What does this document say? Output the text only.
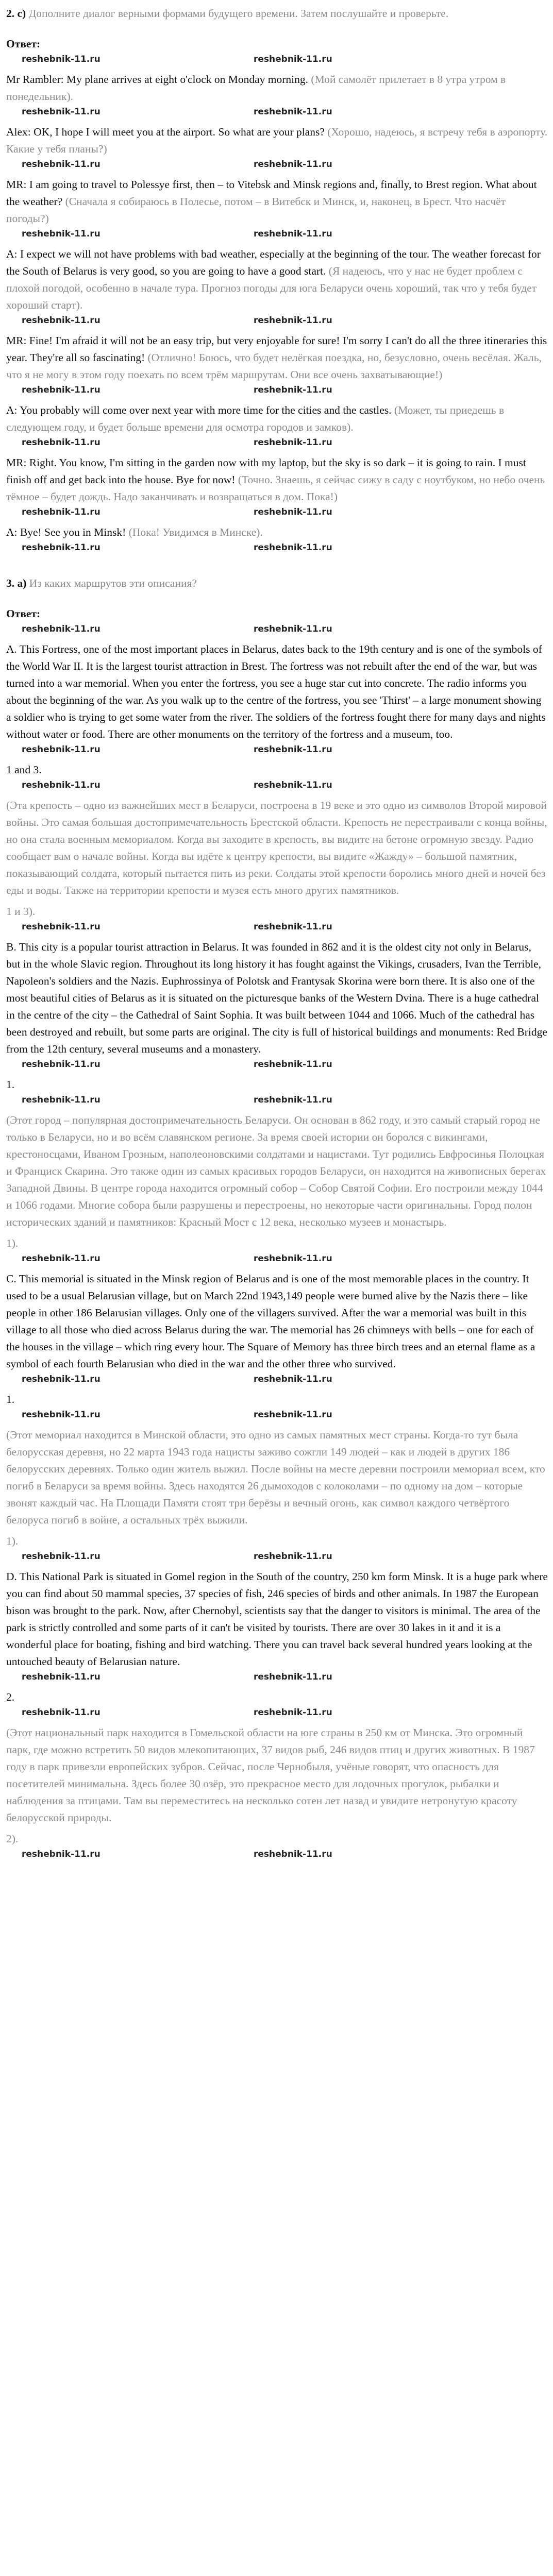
2. c) Дополните диалог верными формами будущего времени. Затем послушайте и проверьте.

Ответ:

reshebnik-11.ru	reshebnik-11.ru

Mr Rambler: My plane arrives at eight o'clock on Monday morning. (Мой самолёт прилетает в 8 утра утром в понедельник).

reshebnik-11.ru	reshebnik-11.ru

Alex: OK, I hope I will meet you at the airport. So what are your plans? (Хорошо, надеюсь, я встречу тебя в аэропорту. Какие у тебя планы?)

reshebnik-11.ru	reshebnik-11.ru

MR: I am going to travel to Polessye first, then – to Vitebsk and Minsk regions and, finally, to Brest region. What about the weather? (Сначала я собираюсь в Полесье, потом – в Витебск и Минск, и, наконец, в Брест. Что насчёт погоды?)

reshebnik-11.ru	reshebnik-11.ru

A: I expect we will not have problems with bad weather, especially at the beginning of the tour. The weather forecast for the South of Belarus is very good, so you are going to have a good start. (Я надеюсь, что у нас не будет проблем с плохой погодой, особенно в начале тура. Прогноз погоды для юга Беларуси очень хороший, так что у тебя будет хороший старт).

reshebnik-11.ru	reshebnik-11.ru

MR: Fine! I'm afraid it will not be an easy trip, but very enjoyable for sure! I'm sorry I can't do all the three itineraries this year. They're all so fascinating! (Отлично! Боюсь, что будет нелёгкая поездка, но, безусловно, очень весёлая. Жаль, что я не могу в этом году поехать по всем трём маршрутам. Они все очень захватывающие!)

reshebnik-11.ru	reshebnik-11.ru

A: You probably will come over next year with more time for the cities and the castles. (Может, ты приедешь в следующем году, и будет больше времени для осмотра городов и замков).

reshebnik-11.ru	reshebnik-11.ru

MR: Right. You know, I'm sitting in the garden now with my laptop, but the sky is so dark – it is going to rain. I must finish off and get back into the house. Bye for now! (Точно. Знаешь, я сейчас сижу в саду с ноутбуком, но небо очень тёмное – будет дождь. Надо заканчивать и возвращаться в дом. Пока!)

reshebnik-11.ru	reshebnik-11.ru

A: Bye! See you in Minsk! (Пока! Увидимся в Минске).

reshebnik-11.ru	reshebnik-11.ru

3. a) Из каких маршрутов эти описания?

Ответ:

reshebnik-11.ru	reshebnik-11.ru

A. This Fortress, one of the most important places in Belarus, dates back to the 19th century and is one of the symbols of the World War II. It is the largest tourist attraction in Brest. The fortress was not rebuilt after the end of the war, but was turned into a war memorial. When you enter the fortress, you see a huge star cut into concrete. The radio informs you about the beginning of the war. As you walk up to the centre of the fortress, you see 'Thirst' – a large monument showing a soldier who is trying to get some water from the river. The soldiers of the fortress fought there for many days and nights without water or food. There are other monuments on the territory of the fortress and a museum, too.

reshebnik-11.ru	reshebnik-11.ru

1 and 3.

reshebnik-11.ru	reshebnik-11.ru

(Эта крепость – одно из важнейших мест в Беларуси, построена в 19 веке и это одно из символов Второй мировой войны. Это самая большая достопримечательность Брестской области. Крепость не перестраивали с конца войны, но она стала военным мемориалом. Когда вы заходите в крепость, вы видите на бетоне огромную звезду. Радио сообщает вам о начале войны. Когда вы идёте к центру крепости, вы видите «Жажду» – большой памятник, показывающий солдата, который пытается пить из реки. Солдаты этой крепости боролись много дней и ночей без еды и воды. Также на территории крепости и музея есть много других памятников.

1 и 3).

reshebnik-11.ru	reshebnik-11.ru

B. This city is a popular tourist attraction in Belarus. It was founded in 862 and it is the oldest city not only in Belarus, but in the whole Slavic region. Throughout its long history it has fought against the Vikings, crusaders, Ivan the Terrible, Napoleon's soldiers and the Nazis. Euphrossinya of Polotsk and Frantysak Skorina were born there. It is also one of the most beautiful cities of Belarus as it is situated on the picturesque banks of the Western Dvina. There is a huge cathedral in the centre of the city – the Cathedral of Saint Sophia. It was built between 1044 and 1066. Much of the cathedral has been destroyed and rebuilt, but some parts are original. The city is full of historical buildings and monuments: Red Bridge from the 12th century, several museums and a monastery.

reshebnik-11.ru	reshebnik-11.ru

1.

reshebnik-11.ru	reshebnik-11.ru

(Этот город – популярная достопримечательность Беларуси. Он основан в 862 году, и это самый старый город не только в Беларуси, но и во всём славянском регионе. За время своей истории он боролся с викингами, крестоносцами, Иваном Грозным, наполеоновскими солдатами и нацистами. Тут родились Евфросинья Полоцкая и Франциск Скарина. Это также один из самых красивых городов Беларуси, он находится на живописных берегах Западной Двины. В центре города находится огромный собор – Собор Святой Софии. Его построили между 1044 и 1066 годами. Многие собора были разрушены и перестроены, но некоторые части оригинальны. Город полон исторических зданий и памятников: Красный Мост с 12 века, несколько музеев и монастырь.

1).

reshebnik-11.ru	reshebnik-11.ru

C. This memorial is situated in the Minsk region of Belarus and is one of the most memorable places in the country. It used to be a usual Belarusian village, but on March 22nd 1943,149 people were burned alive by the Nazis there – like people in other 186 Belarusian villages. Only one of the villagers survived. After the war a memorial was built in this village to all those who died across Belarus during the war. The memorial has 26 chimneys with bells – one for each of the houses in the village – which ring every hour. The Square of Memory has three birch trees and an eternal flame as a symbol of each fourth Belarusian who died in the war and the other three who survived.

reshebnik-11.ru	reshebnik-11.ru

1.

reshebnik-11.ru	reshebnik-11.ru

(Этот мемориал находится в Минской области, это одно из самых памятных мест страны. Когда-то тут была белорусская деревня, но 22 марта 1943 года нацисты заживо сожгли 149 людей – как и людей в других 186 белорусских деревнях. Только один житель выжил. После войны на месте деревни построили мемориал всем, кто погиб в Беларуси за время войны. Здесь находятся 26 дымоходов с колоколами – по одному на дом – которые звонят каждый час. На Площади Памяти стоят три берёзы и вечный огонь, как символ каждого четвёртого белоруса погиб в войне, а остальных трёх выжили.

1).

reshebnik-11.ru	reshebnik-11.ru

D. This National Park is situated in Gomel region in the South of the country, 250 km form Minsk. It is a huge park where you can find about 50 mammal species, 37 species of fish, 246 species of birds and other animals. In 1987 the European bison was brought to the park. Now, after Chernobyl, scientists say that the danger to visitors is minimal. The area of the park is strictly controlled and some parts of it can't be visited by tourists. There are over 30 lakes in it and it is a wonderful place for boating, fishing and bird watching. There you can travel back several hundred years looking at the untouched beauty of Belarusian nature.

reshebnik-11.ru	reshebnik-11.ru

2.

reshebnik-11.ru	reshebnik-11.ru

(Этот национальный парк находится в Гомельской области на юге страны в 250 км от Минска. Это огромный парк, где можно встретить 50 видов млекопитающих, 37 видов рыб, 246 видов птиц и других животных. В 1987 году в парк привезли европейских зубров. Сейчас, после Чернобыля, учёные говорят, что опасность для посетителей минимальна. Здесь более 30 озёр, это прекрасное место для лодочных прогулок, рыбалки и наблюдения за птицами. Там вы переместитесь на несколько сотен лет назад и увидите нетронутую красоту белорусской природы.

2).

reshebnik-11.ru	reshebnik-11.ru
